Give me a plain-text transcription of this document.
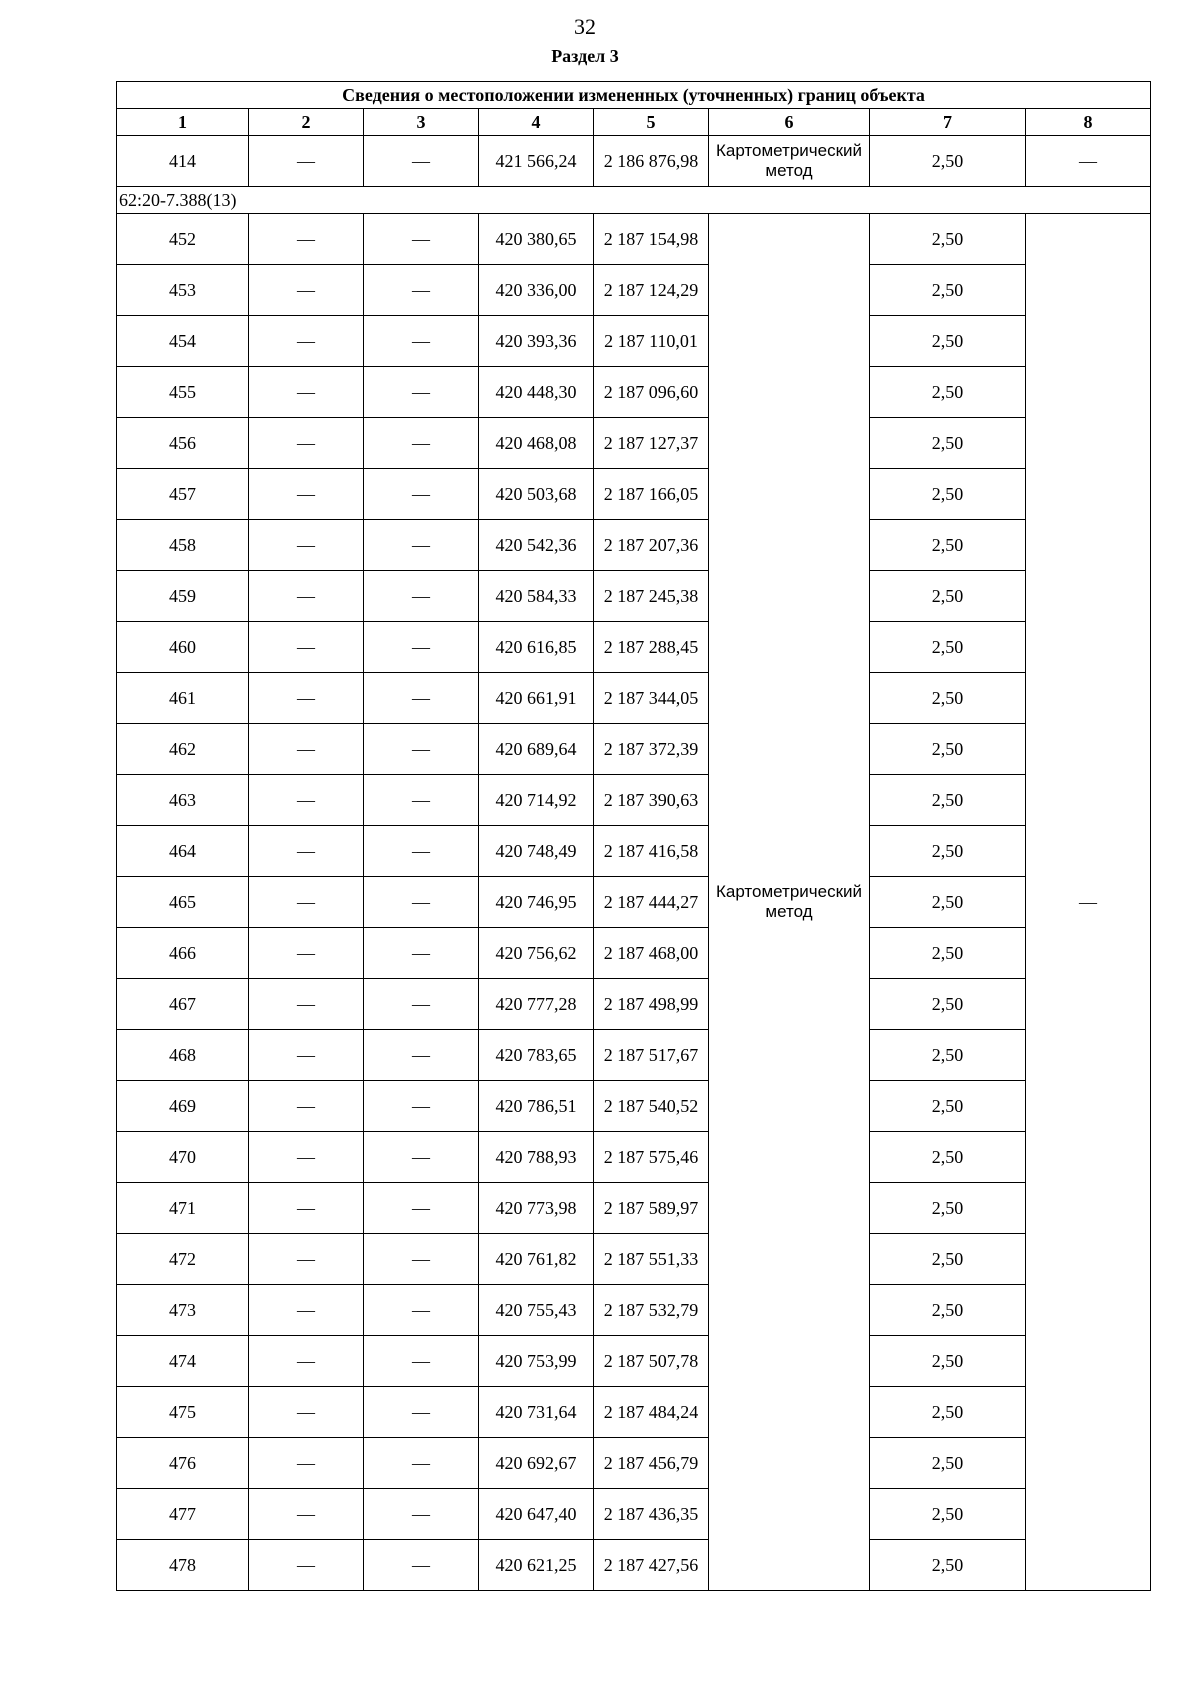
32
Раздел 3
Сведения о местоположении измененных (уточненных) границ объекта							
1	2	3	4	5	6	7	8
414	—	—	421 566,24	2 186 876,98	Картометрический метод	2,50	—
62:20-7.388(13)							
452	—	—	420 380,65	2 187 154,98	Картометрический метод	2,50	—
453	—	—	420 336,00	2 187 124,29		2,50	
454	—	—	420 393,36	2 187 110,01		2,50	
455	—	—	420 448,30	2 187 096,60		2,50	
456	—	—	420 468,08	2 187 127,37		2,50	
457	—	—	420 503,68	2 187 166,05		2,50	
458	—	—	420 542,36	2 187 207,36		2,50	
459	—	—	420 584,33	2 187 245,38		2,50	
460	—	—	420 616,85	2 187 288,45		2,50	
461	—	—	420 661,91	2 187 344,05		2,50	
462	—	—	420 689,64	2 187 372,39		2,50	
463	—	—	420 714,92	2 187 390,63		2,50	
464	—	—	420 748,49	2 187 416,58		2,50	
465	—	—	420 746,95	2 187 444,27		2,50	
466	—	—	420 756,62	2 187 468,00		2,50	
467	—	—	420 777,28	2 187 498,99		2,50	
468	—	—	420 783,65	2 187 517,67		2,50	
469	—	—	420 786,51	2 187 540,52		2,50	
470	—	—	420 788,93	2 187 575,46		2,50	
471	—	—	420 773,98	2 187 589,97		2,50	
472	—	—	420 761,82	2 187 551,33		2,50	
473	—	—	420 755,43	2 187 532,79		2,50	
474	—	—	420 753,99	2 187 507,78		2,50	
475	—	—	420 731,64	2 187 484,24		2,50	
476	—	—	420 692,67	2 187 456,79		2,50	
477	—	—	420 647,40	2 187 436,35		2,50	
478	—	—	420 621,25	2 187 427,56		2,50	
